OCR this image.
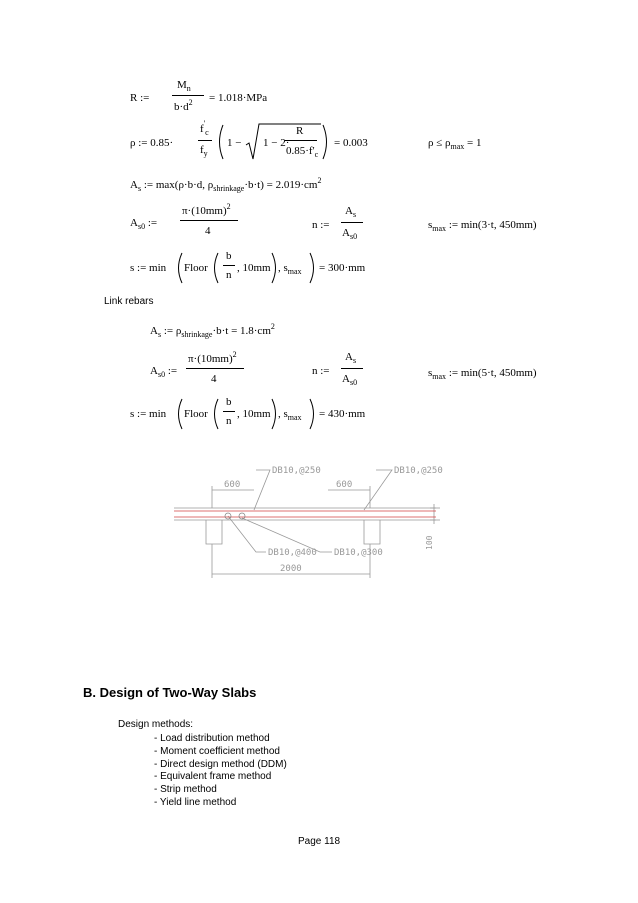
R :=
$M_n$
$b\cdot d^2 = 1.018\cdot MPa$
ρ := 0.85·
$f'_c$
$f_y$
1 − 1 − 2·
R
$0.85\cdot f'_c$
= 0.003	$\rho \le \rho_{max} = 1$
$A_s$ := max(ρ·b·d, $\rho_{shrinkage}\cdot b\cdot t) = 2.019\cdot cm^2$
$A_{s0}$ :=
$\pi\cdot(10mm)^2$
4	n :=
$A_s$
$A_{s0}$
$s_{max}$ := min(3·t, 450mm)
s := min Floor
b
n
, 10mm , $s_{max} = 300\cdot mm$
Link rebars
$A_s$ := $\rho_{shrinkage}\cdot b\cdot t = 1.8\cdot cm^2$
$A_{s0}$ :=
$\pi\cdot(10mm)^2$
4
n :=
$A_s$
$A_{s0}$
$s_{max}$ := min(5·t, 450mm)
s := min Floor
b
n
, 10mm , $s_{max} = 430\cdot mm$
DB10,@250	DB10,@250
600	600
DB10,@400 DB10,@300
2000
100
B. Design of Two-Way Slabs
Design methods:
- Load distribution method
- Moment coefficient method
- Direct design method (DDM)
- Equivalent frame method
- Strip method
- Yield line method
Page 118
